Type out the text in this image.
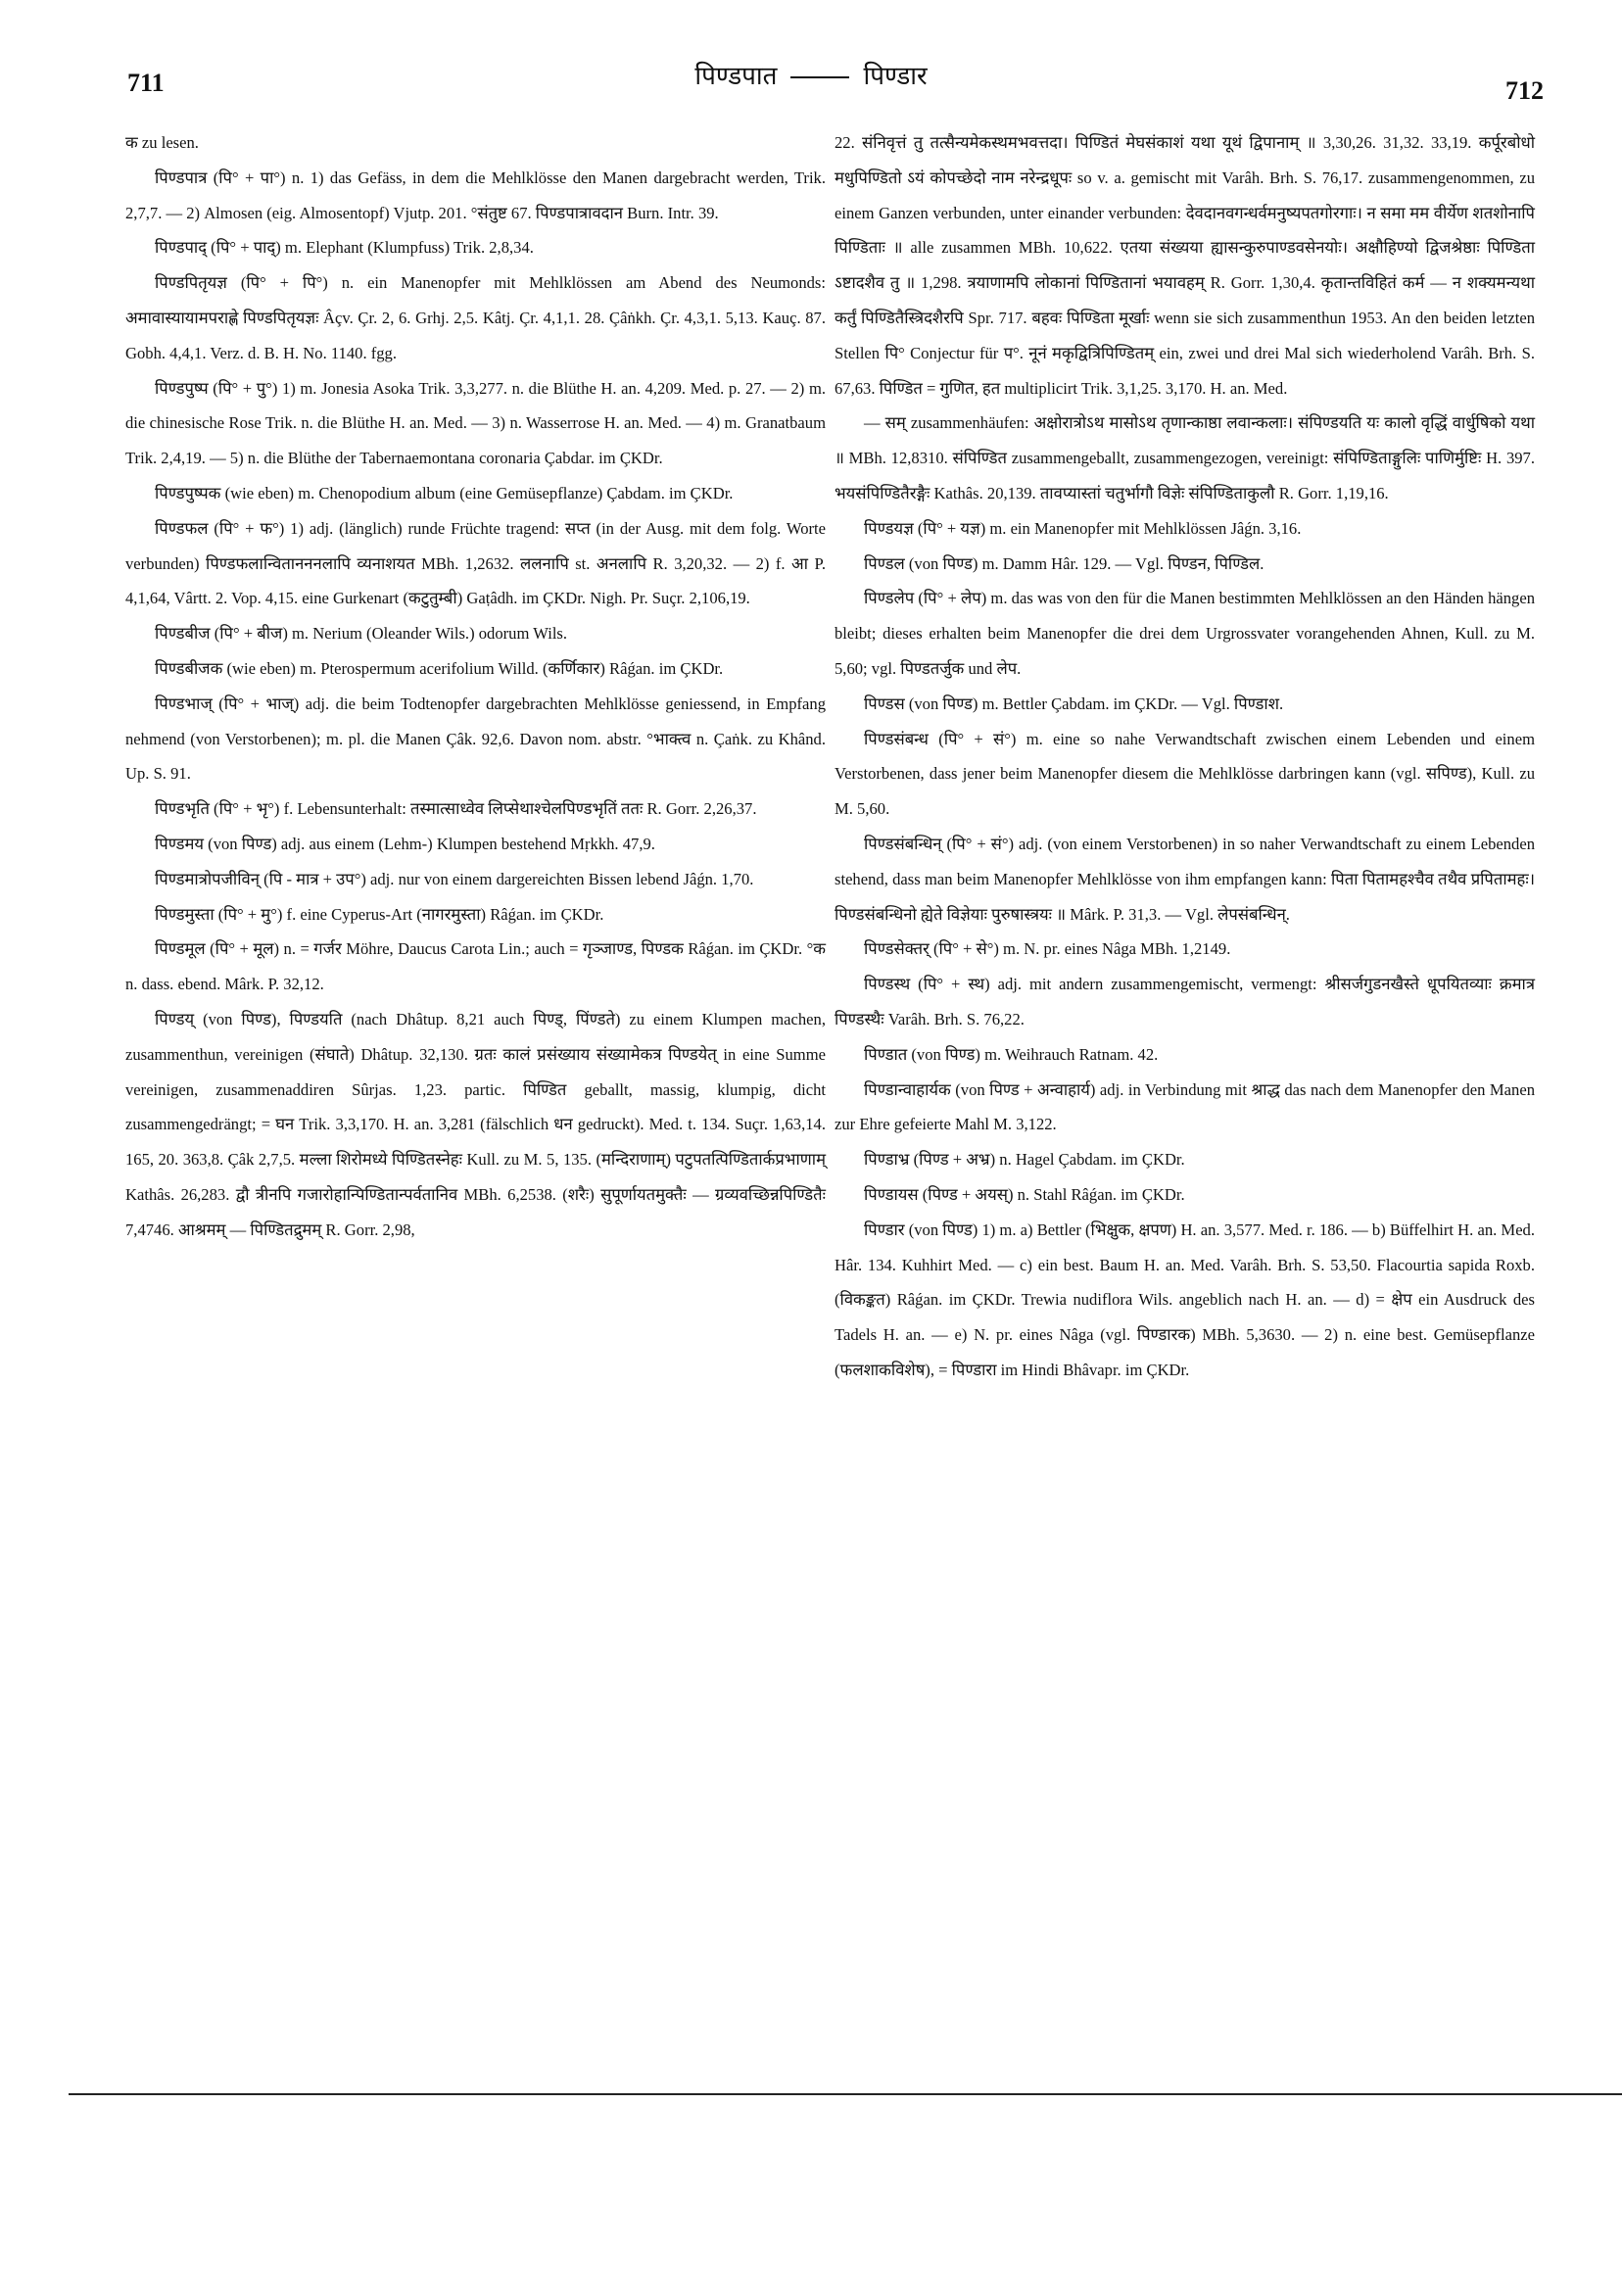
711	पिण्डपात	पिण्डार	712

क zu lesen.

पिण्डपात्र (पि° + पा°) n. 1) das Gefäss, in dem die Mehlklösse den Manen dargebracht werden, Trik. 2,7,7. — 2) Almosen (eig. Almosentopf) Vjutp. 201. °संतुष्ट 67. पिण्डपात्रावदान Burn. Intr. 39.

पिण्डपाद् (पि° + पाद्) m. Elephant (Klumpfuss) Trik. 2,8,34.

पिण्डपितृयज्ञ (पि° + पि°) n. ein Manenopfer mit Mehlklössen am Abend des Neumonds: अमावास्यायामपराह्णे पिण्डपितृयज्ञः Âçv. Çr. 2, 6. Grhj. 2,5. Kâtj. Çr. 4,1,1. 28. Çâṅkh. Çr. 4,3,1. 5,13. Kauç. 87. Gobh. 4,4,1. Verz. d. B. H. No. 1140. fgg.

पिण्डपुष्प (पि° + पु°) 1) m. Jonesia Asoka Trik. 3,3,277. n. die Blüthe H. an. 4,209. Med. p. 27. — 2) m. die chinesische Rose Trik. n. die Blüthe H. an. Med. — 3) n. Wasserrose H. an. Med. — 4) m. Granatbaum Trik. 2,4,19. — 5) n. die Blüthe der Tabernaemontana coronaria Çabdar. im ÇKDr.

पिण्डपुष्पक (wie eben) m. Chenopodium album (eine Gemüsepflanze) Çabdam. im ÇKDr.

पिण्डफल (पि° + फ°) 1) adj. (länglich) runde Früchte tragend: सप्त (in der Ausg. mit dem folg. Worte verbunden) पिण्डफलान्वितानननलापि व्यनाशयत MBh. 1,2632. ललनापि st. अनलापि R. 3,20,32. — 2) f. आ P. 4,1,64, Vârtt. 2. Vop. 4,15. eine Gurkenart (कटुतुम्बी) Gaṭâdh. im ÇKDr. Nigh. Pr. Suçr. 2,106,19.

पिण्डबीज (पि° + बीज) m. Nerium (Oleander Wils.) odorum Wils.

पिण्डबीजक (wie eben) m. Pterospermum acerifolium Willd. (कर्णिकार) Râǵan. im ÇKDr.

पिण्डभाज् (पि° + भाज्) adj. die beim Todtenopfer dargebrachten Mehlklösse geniessend, in Empfang nehmend (von Verstorbenen); m. pl. die Manen Çâk. 92,6. Davon nom. abstr. °भाक्त्व n. Çaṅk. zu Khând. Up. S. 91.

पिण्डभृति (पि° + भृ°) f. Lebensunterhalt: तस्मात्साध्वेव लिप्सेथाश्चेलपिण्डभृतिं ततः R. Gorr. 2,26,37.

पिण्डमय (von पिण्ड) adj. aus einem (Lehm-) Klumpen bestehend Mṛkkh. 47,9.

पिण्डमात्रोपजीविन् (पि - मात्र + उप°) adj. nur von einem dargereichten Bissen lebend Jâǵn. 1,70.

पिण्डमुस्ता (पि° + मु°) f. eine Cyperus-Art (नागरमुस्ता) Râǵan. im ÇKDr.

पिण्डमूल (पि° + मूल) n. = गर्जर Möhre, Daucus Carota Lin.; auch = गृञ्जाण्ड, पिण्डक Râǵan. im ÇKDr. °क n. dass. ebend. Mârk. P. 32,12.

पिण्डय् (von पिण्ड), पिण्डयति (nach Dhâtup. 8,21 auch पिण्ड्, पिंण्डते) zu einem Klumpen machen, zusammenthun, vereinigen (संघाते) Dhâtup. 32,130. ग्रतः कालं प्रसंख्याय संख्यामेकत्र पिण्डयेत् in eine Summe vereinigen, zusammenaddiren Sûrjas. 1,23. partic. पिण्डित geballt, massig, klumpig, dicht zusammengedrängt; = घन Trik. 3,3,170. H. an. 3,281 (fälschlich धन gedruckt). Med. t. 134. Suçr. 1,63,14. 165, 20. 363,8. Çâk 2,7,5. मल्ला शिरोमध्ये पिण्डितस्नेहः Kull. zu M. 5, 135. (मन्दिराणाम्) पटुपतत्पिण्डितार्कप्रभाणाम् Kathâs. 26,283. द्वौ त्रीनपि गजारोहान्पिण्डितान्पर्वतानिव MBh. 6,2538. (शरैः) सुपूर्णायतमुक्तैः — ग्रव्यवच्छिन्नपिण्डितैः 7,4746. आश्रमम् — पिण्डितद्रुमम् R. Gorr. 2,98,

22. संनिवृत्तं तु तत्सैन्यमेकस्थमभवत्तदा। पिण्डितं मेघसंकाशं यथा यूथं द्विपानाम् ॥ 3,30,26. 31,32. 33,19. कर्पूरबोधो मधुपिण्डितो ऽयं कोपच्छेदो नाम नरेन्द्रधूपः so v. a. gemischt mit Varâh. Brh. S. 76,17. zusammengenommen, zu einem Ganzen verbunden, unter einander verbunden: देवदानवगन्धर्वमनुष्यपतगोरगाः। न समा मम वीर्येण शतशोनापि पिण्डिताः ॥ alle zusammen MBh. 10,622. एतया संख्यया ह्यासन्कुरुपाण्डवसेनयोः। अक्षौहिण्यो द्विजश्रेष्ठाः पिण्डिता ऽष्टादशैव तु ॥ 1,298. त्रयाणामपि लोकानां पिण्डितानां भयावहम् R. Gorr. 1,30,4. कृतान्तविहितं कर्म — न शक्यमन्यथा कर्तुं पिण्डितैस्त्रिदशैरपि Spr. 717. बहवः पिण्डिता मूर्खाः wenn sie sich zusammenthun 1953. An den beiden letzten Stellen पि° Conjectur für प°. नूनं मकृद्वित्रिपिण्डितम् ein, zwei und drei Mal sich wiederholend Varâh. Brh. S. 67,63. पिण्डित = गुणित, हत multiplicirt Trik. 3,1,25. 3,170. H. an. Med.

— सम् zusammenhäufen: अक्षोरात्रोऽथ मासोऽथ तृणान्काष्ठा लवान्कलाः। संपिण्डयति यः कालो वृद्धिं वार्धुषिको यथा ॥ MBh. 12,8310. संपिण्डित zusammengeballt, zusammengezogen, vereinigt: संपिण्डिताङ्गुलिः पाणिर्मुष्टिः H. 397. भयसंपिण्डितैरङ्गैः Kathâs. 20,139. तावप्यास्तां चतुर्भागौ विज्ञेः संपिण्डिताकुलौ R. Gorr. 1,19,16.

पिण्डयज्ञ (पि° + यज्ञ) m. ein Manenopfer mit Mehlklössen Jâǵn. 3,16.

पिण्डल (von पिण्ड) m. Damm Hâr. 129. — Vgl. पिण्डन, पिण्डिल.

पिण्डलेप (पि° + लेप) m. das was von den für die Manen bestimmten Mehlklössen an den Händen hängen bleibt; dieses erhalten beim Manenopfer die drei dem Urgrossvater vorangehenden Ahnen, Kull. zu M. 5,60; vgl. पिण्डतर्जुक und लेप.

पिण्डस (von पिण्ड) m. Bettler Çabdam. im ÇKDr. — Vgl. पिण्डाश.

पिण्डसंबन्ध (पि° + सं°) m. eine so nahe Verwandtschaft zwischen einem Lebenden und einem Verstorbenen, dass jener beim Manenopfer diesem die Mehlklösse darbringen kann (vgl. सपिण्ड), Kull. zu M. 5,60.

पिण्डसंबन्धिन् (पि° + सं°) adj. (von einem Verstorbenen) in so naher Verwandtschaft zu einem Lebenden stehend, dass man beim Manenopfer Mehlklösse von ihm empfangen kann: पिता पितामहश्चैव तथैव प्रपितामहः। पिण्डसंबन्धिनो ह्येते विज्ञेयाः पुरुषास्त्रयः ॥ Mârk. P. 31,3. — Vgl. लेपसंबन्धिन्.

पिण्डसेक्तर् (पि° + से°) m. N. pr. eines Nâga MBh. 1,2149.

पिण्डस्थ (पि° + स्थ) adj. mit andern zusammengemischt, vermengt: श्रीसर्जगुडनखैस्ते धूपयितव्याः क्रमात्र पिण्डस्थैः Varâh. Brh. S. 76,22.

पिण्डात (von पिण्ड) m. Weihrauch Ratnam. 42.

पिण्डान्वाहार्यक (von पिण्ड + अन्वाहार्य) adj. in Verbindung mit श्राद्ध das nach dem Manenopfer den Manen zur Ehre gefeierte Mahl M. 3,122.

पिण्डाभ्र (पिण्ड + अभ्र) n. Hagel Çabdam. im ÇKDr.

पिण्डायस (पिण्ड + अयस्) n. Stahl Râǵan. im ÇKDr.

पिण्डार (von पिण्ड) 1) m. a) Bettler (भिक्षुक, क्षपण) H. an. 3,577. Med. r. 186. — b) Büffelhirt H. an. Med. Hâr. 134. Kuhhirt Med. — c) ein best. Baum H. an. Med. Varâh. Brh. S. 53,50. Flacourtia sapida Roxb. (विकङ्कत) Râǵan. im ÇKDr. Trewia nudiflora Wils. angeblich nach H. an. — d) = क्षेप ein Ausdruck des Tadels H. an. — e) N. pr. eines Nâga (vgl. पिण्डारक) MBh. 5,3630. — 2) n. eine best. Gemüsepflanze (फलशाकविशेष), = पिण्डारा im Hindi Bhâvapr. im ÇKDr.
